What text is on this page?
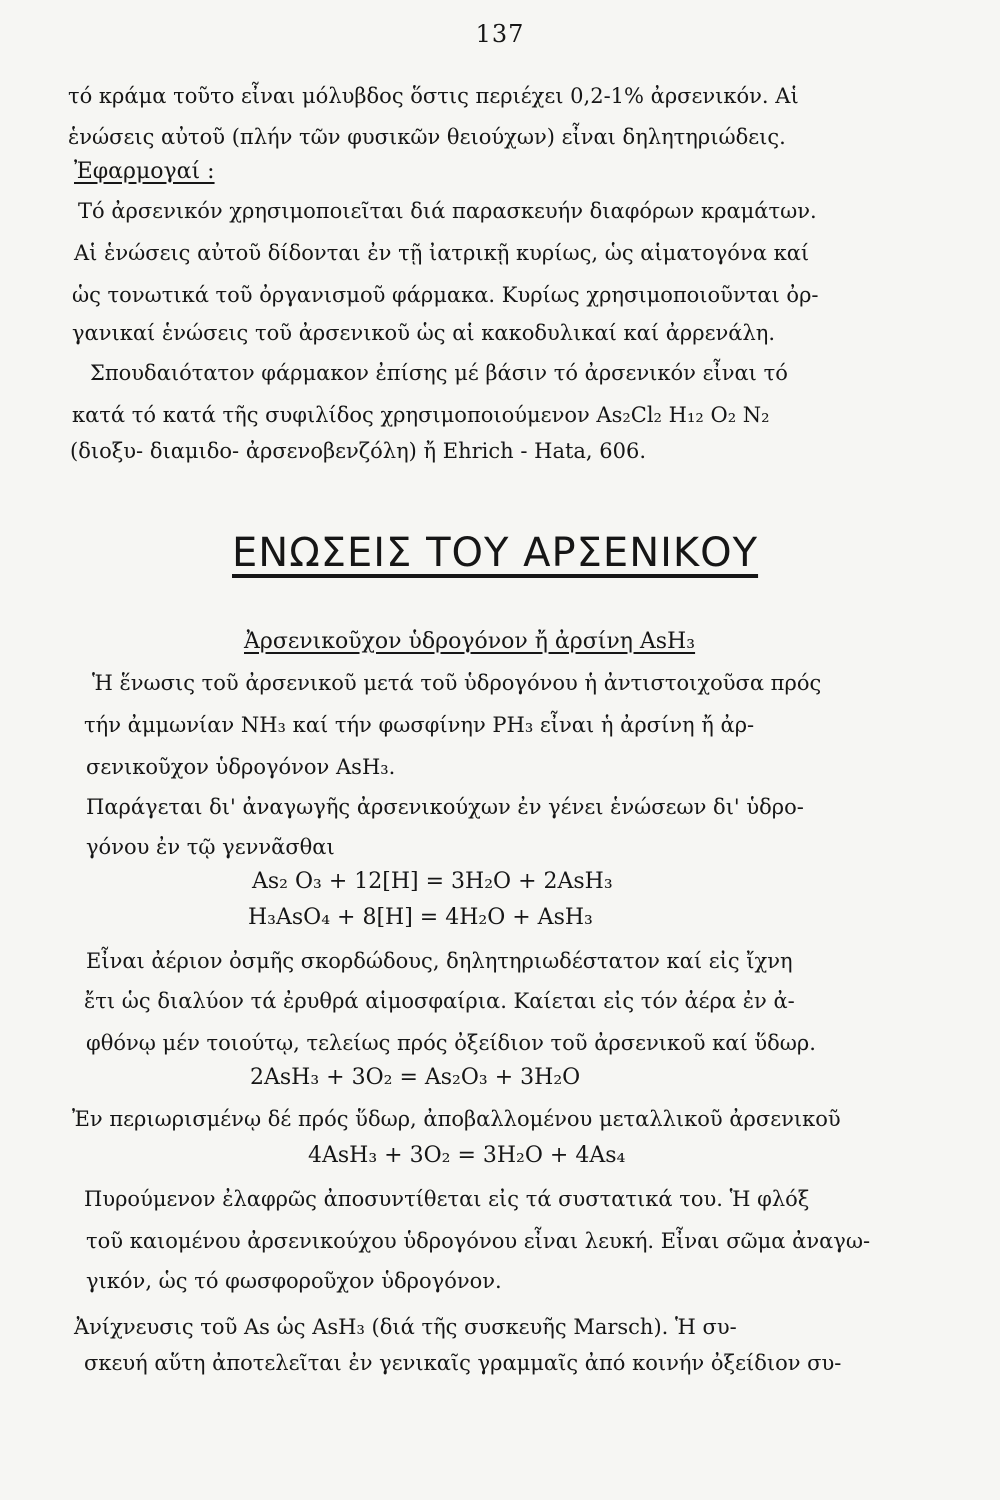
137
τό κράμα τοῦτο εἶναι μόλυβδος ὅστις περιέχει 0,2-1% ἀρσενικόν. Αἱ
ἑνώσεις αὐτοῦ (πλήν τῶν φυσικῶν θειούχων) εἶναι δηλητηριώδεις.
Ἐφαρμογαί :
Τό ἀρσενικόν χρησιμοποιεῖται διά παρασκευήν διαφόρων κραμάτων.
Αἱ ἑνώσεις αὐτοῦ δίδονται ἐν τῇ ἰατρικῇ κυρίως, ὡς αἱματογόνα καί
ὡς τονωτικά τοῦ ὀργανισμοῦ φάρμακα. Κυρίως χρησιμοποιοῦνται ὀρ-
γανικαί ἑνώσεις τοῦ ἀρσενικοῦ ὡς αἱ κακοδυλικαί καί ἀρρενάλη.
Σπουδαιότατον φάρμακον ἐπίσης μέ βάσιν τό ἀρσενικόν εἶναι τό
κατά τό κατά τῆς συφιλίδος χρησιμοποιούμενον As₂Cl₂ H₁₂ O₂ N₂
(διοξυ- διαμιδο- ἀρσενοβενζόλη) ἤ Ehrich - Hata, 606.
ΕΝΩΣΕΙΣ ΤΟΥ ΑΡΣΕΝΙΚΟΥ
Ἀρσενικοῦχον ὑδρογόνον ἤ ἀρσίνη AsH₃
Ἡ ἕνωσις τοῦ ἀρσενικοῦ μετά τοῦ ὑδρογόνου ἡ ἀντιστοιχοῦσα πρός
τήν ἀμμωνίαν NH₃ καί τήν φωσφίνην PH₃ εἶναι ἡ ἀρσίνη ἤ ἀρ-
σενικοῦχον ὑδρογόνον AsH₃.
Παράγεται δι' ἀναγωγῆς ἀρσενικούχων ἐν γένει ἑνώσεων δι' ὑδρο-
γόνου ἐν τῷ γεννᾶσθαι
As₂ O₃ + 12[H] = 3H₂O + 2AsH₃
H₃AsO₄ + 8[H] = 4H₂O + AsH₃
Εἶναι ἀέριον ὀσμῆς σκορδώδους, δηλητηριωδέστατον καί εἰς ἴχνη
ἔτι ὡς διαλύον τά ἐρυθρά αἱμοσφαίρια. Καίεται εἰς τόν ἀέρα ἐν ἀ-
φθόνῳ μέν τοιούτῳ, τελείως πρός ὀξείδιον τοῦ ἀρσενικοῦ καί ὕδωρ.
2AsH₃ + 3O₂ = As₂O₃ + 3H₂O
Ἐν περιωρισμένῳ δέ πρός ὕδωρ, ἀποβαλλομένου μεταλλικοῦ ἀρσενικοῦ
4AsH₃ + 3O₂ = 3H₂O + 4As₄
Πυρούμενον ἐλαφρῶς ἀποσυντίθεται εἰς τά συστατικά του. Ἡ φλόξ
τοῦ καιομένου ἀρσενικούχου ὑδρογόνου εἶναι λευκή. Εἶναι σῶμα ἀναγω-
γικόν, ὡς τό φωσφοροῦχον ὑδρογόνον.
Ἀνίχνευσις τοῦ As ὡς AsH₃ (διά τῆς συσκευῆς Marsch). Ἡ συ-
σκευή αὕτη ἀποτελεῖται ἐν γενικαῖς γραμμαῖς ἀπό κοινήν ὀξείδιον συ-
